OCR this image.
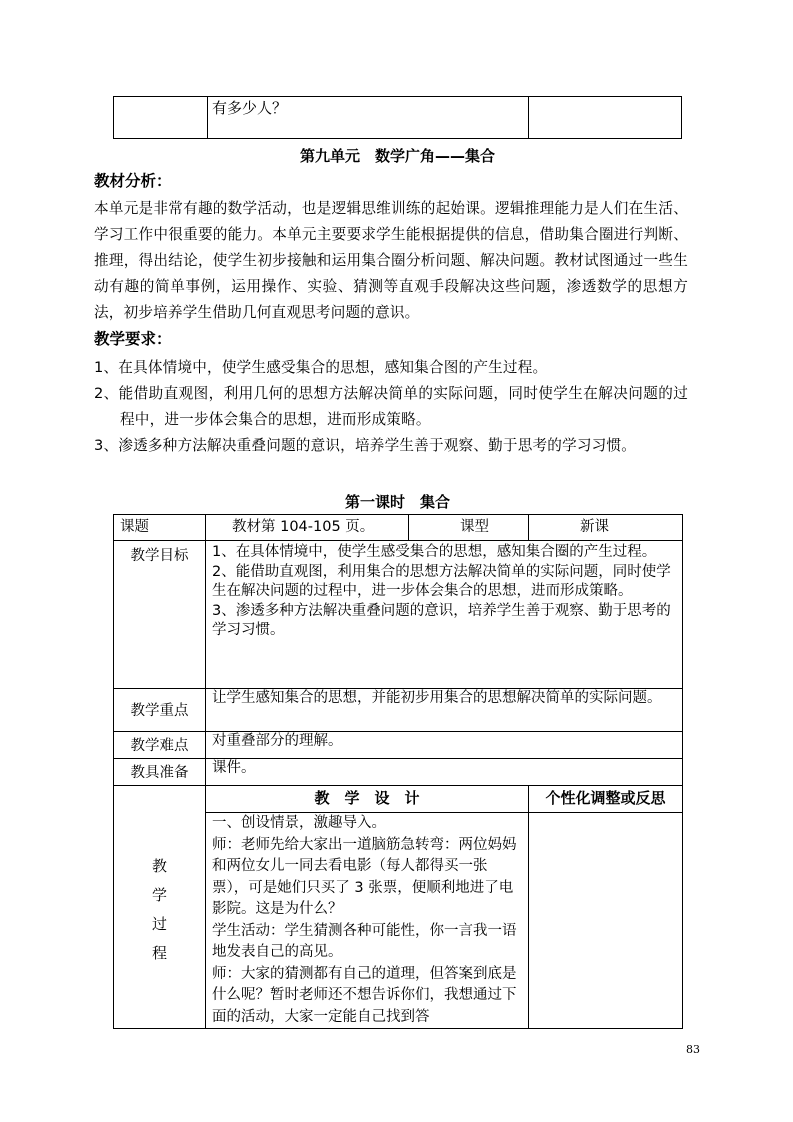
有多少人？

第九单元　数学广角——集合
教材分析：
本单元是非常有趣的数学活动，也是逻辑思维训练的起始课。逻辑推理能力是人们在生活、学习工作中很重要的能力。本单元主要要求学生能根据提供的信息，借助集合圈进行判断、推理，得出结论，使学生初步接触和运用集合圈分析问题、解决问题。教材试图通过一些生动有趣的简单事例，运用操作、实验、猜测等直观手段解决这些问题，渗透数学的思想方法，初步培养学生借助几何直观思考问题的意识。
教学要求：
1、在具体情境中，使学生感受集合的思想，感知集合图的产生过程。
2、能借助直观图，利用几何的思想方法解决简单的实际问题，同时使学生在解决问题的过程中，进一步体会集合的思想，进而形成策略。
3、渗透多种方法解决重叠问题的意识，培养学生善于观察、勤于思考的学习习惯。
第一课时　集合
课题	教材第 104-105 页。	课型	新课

教学目标	1、在具体情境中，使学生感受集合的思想，感知集合圈的产生过程。
2、能借助直观图，利用集合的思想方法解决简单的实际问题，同时使学生在解决问题的过程中，进一步体会集合的思想，进而形成策略。
3、渗透多种方法解决重叠问题的意识，培养学生善于观察、勤于思考的学习习惯。		

教学重点	让学生感知集合的思想，并能初步用集合的思想解决简单的实际问题。		

教学难点	对重叠部分的理解。		

教具准备	课件。		

教
学
过
程	教　学　设　计		个性化调整或反思

	一、创设情景，激趣导入。
师：老师先给大家出一道脑筋急转弯：两位妈妈和两位女儿一同去看电影（每人都得买一张票），可是她们只买了 3 张票，便顺利地进了电影院。这是为什么？
学生活动：学生猜测各种可能性，你一言我一语地发表自己的高见。
师：大家的猜测都有自己的道理，但答案到底是什么呢？暂时老师还不想告诉你们，我想通过下面的活动，大家一定能自己找到答		

83
